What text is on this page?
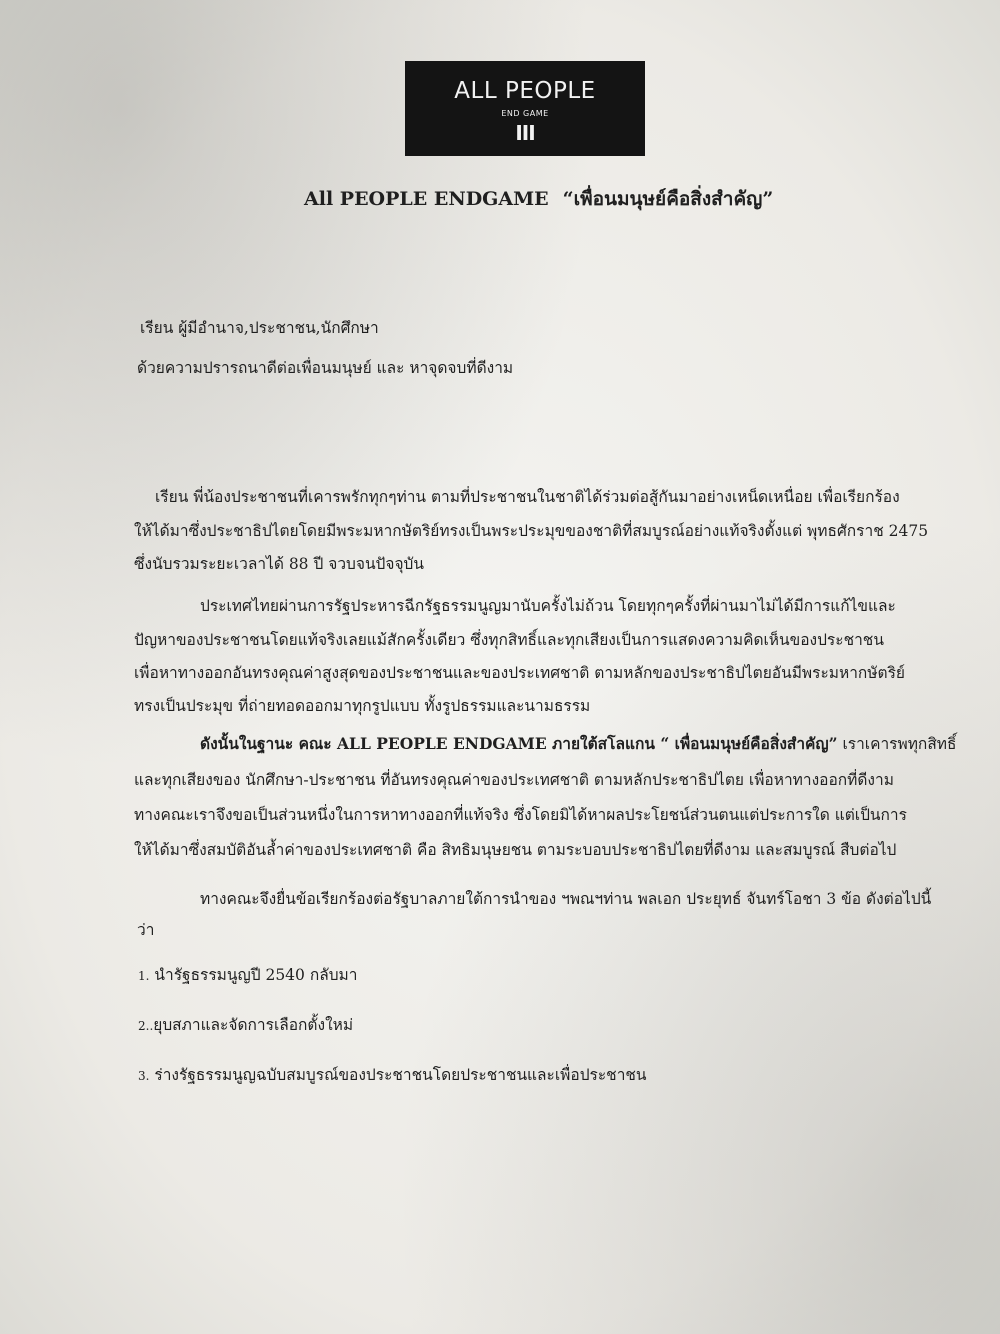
ALL PEOPLE
END GAME
III
All PEOPLE ENDGAME “เพื่อนมนุษย์คือสิ่งสำคัญ”
เรียน ผู้มีอำนาจ,ประชาชน,นักศึกษา
ด้วยความปรารถนาดีต่อเพื่อนมนุษย์ และ หาจุดจบที่ดีงาม
เรียน พี่น้องประชาชนที่เคารพรักทุกๆท่าน ตามที่ประชาชนในชาติได้ร่วมต่อสู้กันมาอย่างเหน็ดเหนื่อย เพื่อเรียกร้อง
ให้ได้มาซึ่งประชาธิปไตยโดยมีพระมหากษัตริย์ทรงเป็นพระประมุขของชาติที่สมบูรณ์อย่างแท้จริงตั้งแต่ พุทธศักราช 2475
ซึ่งนับรวมระยะเวลาได้ 88 ปี จวบจนปัจจุบัน
ประเทศไทยผ่านการรัฐประหารฉีกรัฐธรรมนูญมานับครั้งไม่ถ้วน โดยทุกๆครั้งที่ผ่านมาไม่ได้มีการแก้ไขและ
ปัญหาของประชาชนโดยแท้จริงเลยแม้สักครั้งเดียว ซึ่งทุกสิทธิ์และทุกเสียงเป็นการแสดงความคิดเห็นของประชาชน
เพื่อหาทางออกอันทรงคุณค่าสูงสุดของประชาชนและของประเทศชาติ ตามหลักของประชาธิปไตยอันมีพระมหากษัตริย์
ทรงเป็นประมุข ที่ถ่ายทอดออกมาทุกรูปแบบ ทั้งรูปธรรมและนามธรรม
ดังนั้นในฐานะ คณะ ALL PEOPLE ENDGAME ภายใต้สโลแกน “ เพื่อนมนุษย์คือสิ่งสำคัญ” เราเคารพทุกสิทธิ์
และทุกเสียงของ นักศึกษา-ประชาชน ที่อันทรงคุณค่าของประเทศชาติ ตามหลักประชาธิปไตย เพื่อหาทางออกที่ดีงาม
ทางคณะเราจึงขอเป็นส่วนหนึ่งในการหาทางออกที่แท้จริง ซึ่งโดยมิได้หาผลประโยชน์ส่วนตนแต่ประการใด แต่เป็นการ
ให้ได้มาซึ่งสมบัติอันล้ำค่าของประเทศชาติ คือ สิทธิมนุษยชน ตามระบอบประชาธิปไตยที่ดีงาม และสมบูรณ์ สืบต่อไป
ทางคณะจึงยื่นข้อเรียกร้องต่อรัฐบาลภายใต้การนำของ ฯพณฯท่าน พลเอก ประยุทธ์ จันทร์โอชา 3 ข้อ ดังต่อไปนี้
ว่า
1. นำรัฐธรรมนูญปี 2540 กลับมา
2..ยุบสภาและจัดการเลือกตั้งใหม่
3. ร่างรัฐธรรมนูญฉบับสมบูรณ์ของประชาชนโดยประชาชนและเพื่อประชาชน
